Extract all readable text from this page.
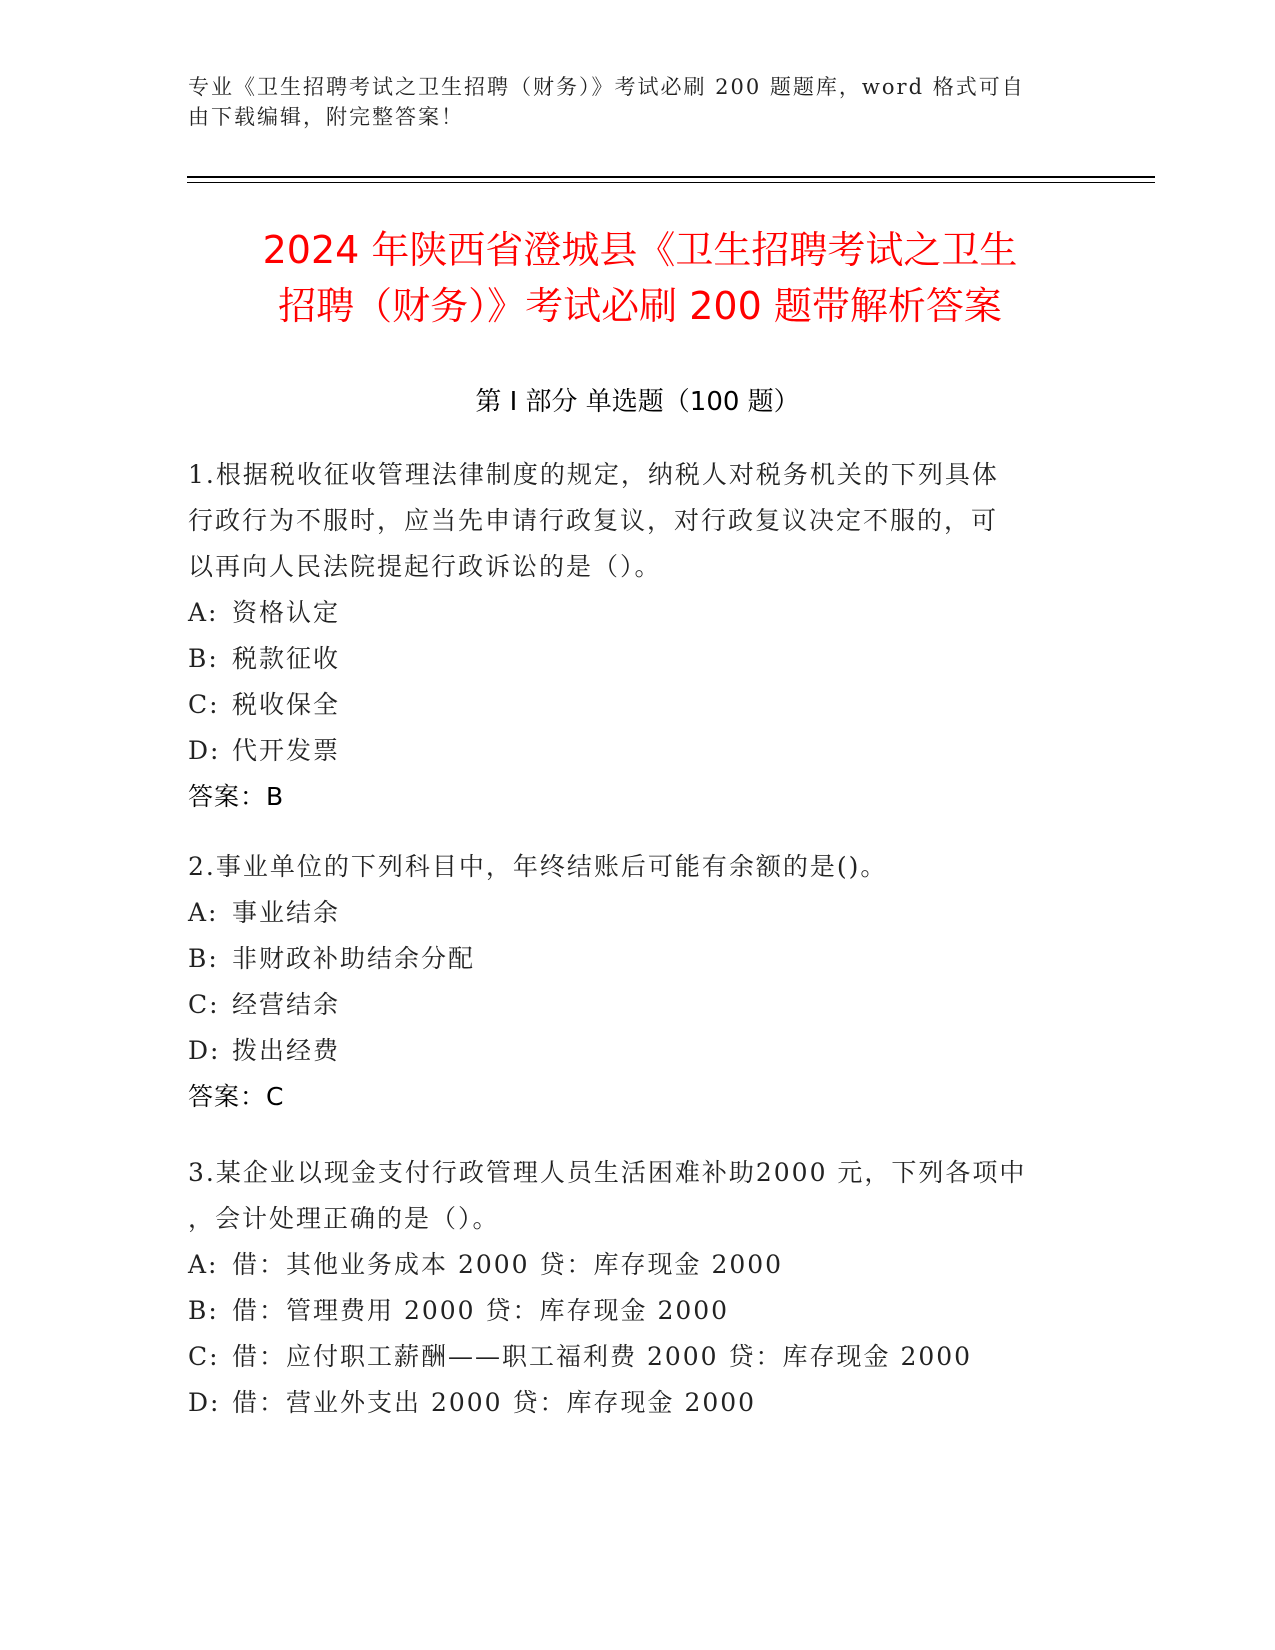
专业《卫生招聘考试之卫生招聘（财务）》考试必刷 200 题题库，word 格式可自
由下载编辑，附完整答案！
2024 年陕西省澄城县《卫生招聘考试之卫生
招聘（财务）》考试必刷 200 题带解析答案
第 I 部分 单选题（100 题）
1.根据税收征收管理法律制度的规定，纳税人对税务机关的下列具体
行政行为不服时，应当先申请行政复议，对行政复议决定不服的，可
以再向人民法院提起行政诉讼的是（）。
A: 资格认定
B: 税款征收
C: 税收保全
D: 代开发票
答案：B
2.事业单位的下列科目中，年终结账后可能有余额的是()。
A: 事业结余
B: 非财政补助结余分配
C: 经营结余
D: 拨出经费
答案：C
3.某企业以现金支付行政管理人员生活困难补助2000 元，下列各项中
，会计处理正确的是（）。
A: 借：其他业务成本 2000 贷：库存现金 2000
B: 借：管理费用 2000 贷：库存现金 2000
C: 借：应付职工薪酬——职工福利费 2000 贷：库存现金 2000
D: 借：营业外支出 2000 贷：库存现金 2000
